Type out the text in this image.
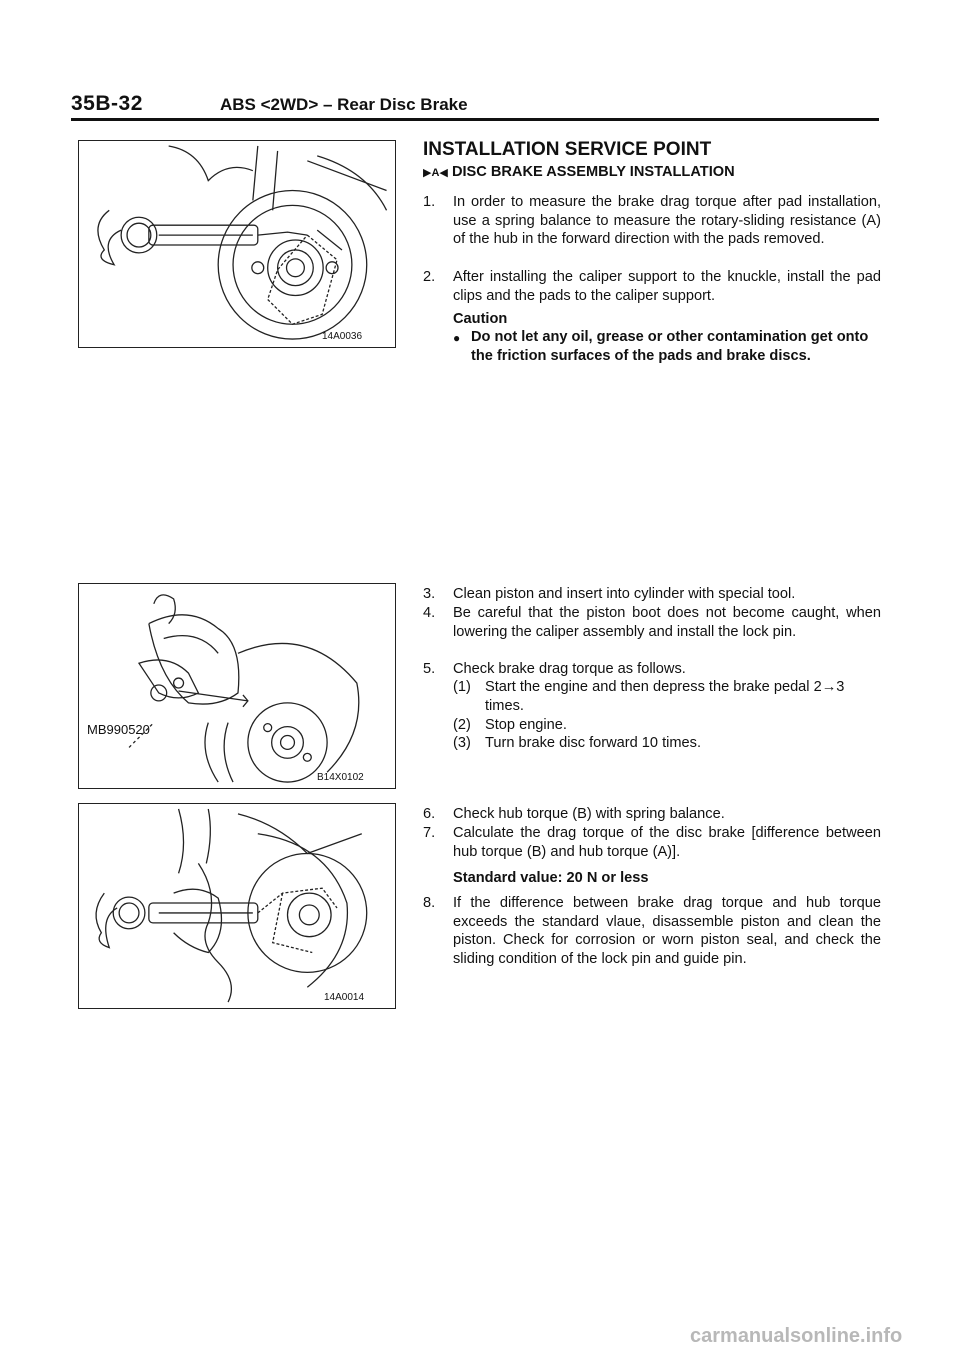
35B-32	ABS <2WD> – Rear Disc Brake
14A0036
INSTALLATION SERVICE POINT
▶A◀ DISC BRAKE ASSEMBLY INSTALLATION
1. In order to measure the brake drag torque after pad installation, use a spring balance to measure the rotary-sliding resistance (A) of the hub in the forward direction with the pads removed.
2. After installing the caliper support to the knuckle, install the pad clips and the pads to the caliper support.
Caution
● Do not let any oil, grease or other contamination get onto the friction surfaces of the pads and brake discs.
MB990520
B14X0102
3. Clean piston and insert into cylinder with special tool.
4. Be careful that the piston boot does not become caught, when lowering the caliper assembly and install the lock pin.
5. Check brake drag torque as follows.
(1) Start the engine and then depress the brake pedal 2→3 times.
(2) Stop engine.
(3) Turn brake disc forward 10 times.
14A0014
6. Check hub torque (B) with spring balance.
7. Calculate the drag torque of the disc brake [difference between hub torque (B) and hub torque (A)].
Standard value: 20 N or less
8. If the difference between brake drag torque and hub torque exceeds the standard vlaue, disassemble piston and clean the piston. Check for corrosion or worn piston seal, and check the sliding condition of the lock pin and guide pin.
carmanualsonline.info
